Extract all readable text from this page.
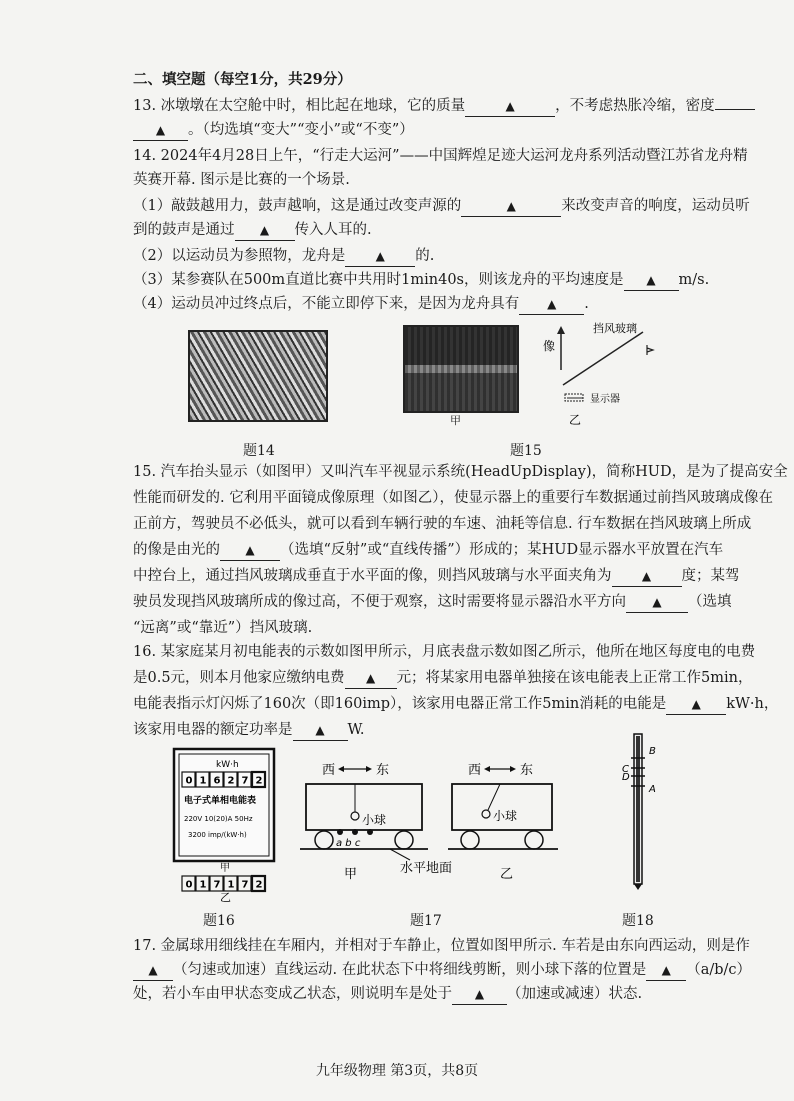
二、填空题（每空1分，共29分）
13. 冰墩墩在太空舱中时，相比起在地球，它的质量	▲	，不考虑热胀冷缩，密度
▲ 。（均选填“变大”“变小”或“不变”）
14. 2024年4月28日上午，“行走大运河”——中国辉煌足迹大运河龙舟系列活动暨江苏省龙舟精
英赛开幕. 图示是比赛的一个场景.
（1）敲鼓越用力，鼓声越响，这是通过改变声源的	▲	来改变声音的响度，运动员听
到的鼓声是通过 ▲ 传入人耳的.
（2）以运动员为参照物，龙舟是	▲ 的.
（3）某参赛队在500m直道比赛中共用时1min40s，则该龙舟的平均速度是 ▲ m/s.
（4）运动员冲过终点后，不能立即停下来，是因为龙舟具有 ▲ .
题14
甲
题15
像
挡风玻璃
显示器
乙
15. 汽车抬头显示（如图甲）又叫汽车平视显示系统(HeadUpDisplay)，简称HUD，是为了提高安全
性能而研发的. 它利用平面镜成像原理（如图乙），使显示器上的重要行车数据通过前挡风玻璃成像在
正前方，驾驶员不必低头，就可以看到车辆行驶的车速、油耗等信息. 行车数据在挡风玻璃上所成
的像是由光的 ▲ （选填“反射”或“直线传播”）形成的；某HUD显示器水平放置在汽车
中控台上，通过挡风玻璃成垂直于水平面的像，则挡风玻璃与水平面夹角为	▲ 度；某驾
驶员发现挡风玻璃所成的像过高，不便于观察，这时需要将显示器沿水平方向 ▲ （选填
“远离”或“靠近”）挡风玻璃.
16. 某家庭某月初电能表的示数如图甲所示，月底表盘示数如图乙所示，他所在地区每度电的电费
是0.5元，则本月他家应缴纳电费 ▲ 元；将某家用电器单独接在该电能表上正常工作5min，
电能表指示灯闪烁了160次（即160imp），该家用电器正常工作5min消耗的电能是 ▲ kW·h，
该家用电器的额定功率是 ▲ W.
kW·h
0 1 6 2 7 2
电子式单相电能表
220V 10(20)A 50Hz
3200 imp/(kW·h)
甲
0 1 7 1 7 2
乙
西	东
小球
a b c
水平地面
甲
西	东
小球
乙
B
C
D
A
题16	题17	题18
17. 金属球用细线挂在车厢内，并相对于车静止，位置如图甲所示. 车若是由东向西运动，则是作
▲ （匀速或加速）直线运动. 在此状态下中将细线剪断，则小球下落的位置是 ▲ （a/b/c）
处，若小车由甲状态变成乙状态，则说明车是处于 ▲ （加速或减速）状态.
九年级物理 第3页，共8页
